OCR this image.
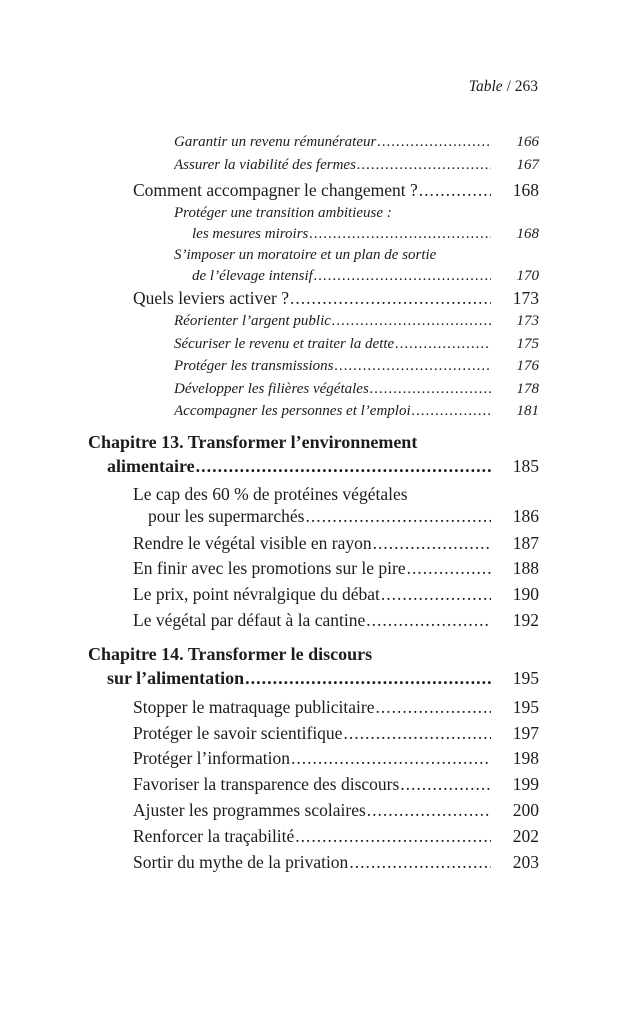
Table / 263
Garantir un revenu rémunérateur .....	166
Assurer la viabilité des fermes .....	167
Comment accompagner le changement ? .....	168
Protéger une transition ambitieuse :
les mesures miroirs .....	168
S’imposer un moratoire et un plan de sortie
de l’élevage intensif .....	170
Quels leviers activer ? .....	173
Réorienter l’argent public .....	173
Sécuriser le revenu et traiter la dette .....	175
Protéger les transmissions .....	176
Développer les filières végétales .....	178
Accompagner les personnes et l’emploi .....	181
Chapitre 13. Transformer l’environnement
alimentaire .....	185
Le cap des 60 % de protéines végétales
pour les supermarchés .....	186
Rendre le végétal visible en rayon .....	187
En finir avec les promotions sur le pire .....	188
Le prix, point névralgique du débat .....	190
Le végétal par défaut à la cantine .....	192
Chapitre 14. Transformer le discours
sur l’alimentation .....	195
Stopper le matraquage publicitaire .....	195
Protéger le savoir scientifique .....	197
Protéger l’information .....	198
Favoriser la transparence des discours .....	199
Ajuster les programmes scolaires .....	200
Renforcer la traçabilité .....	202
Sortir du mythe de la privation .....	203
